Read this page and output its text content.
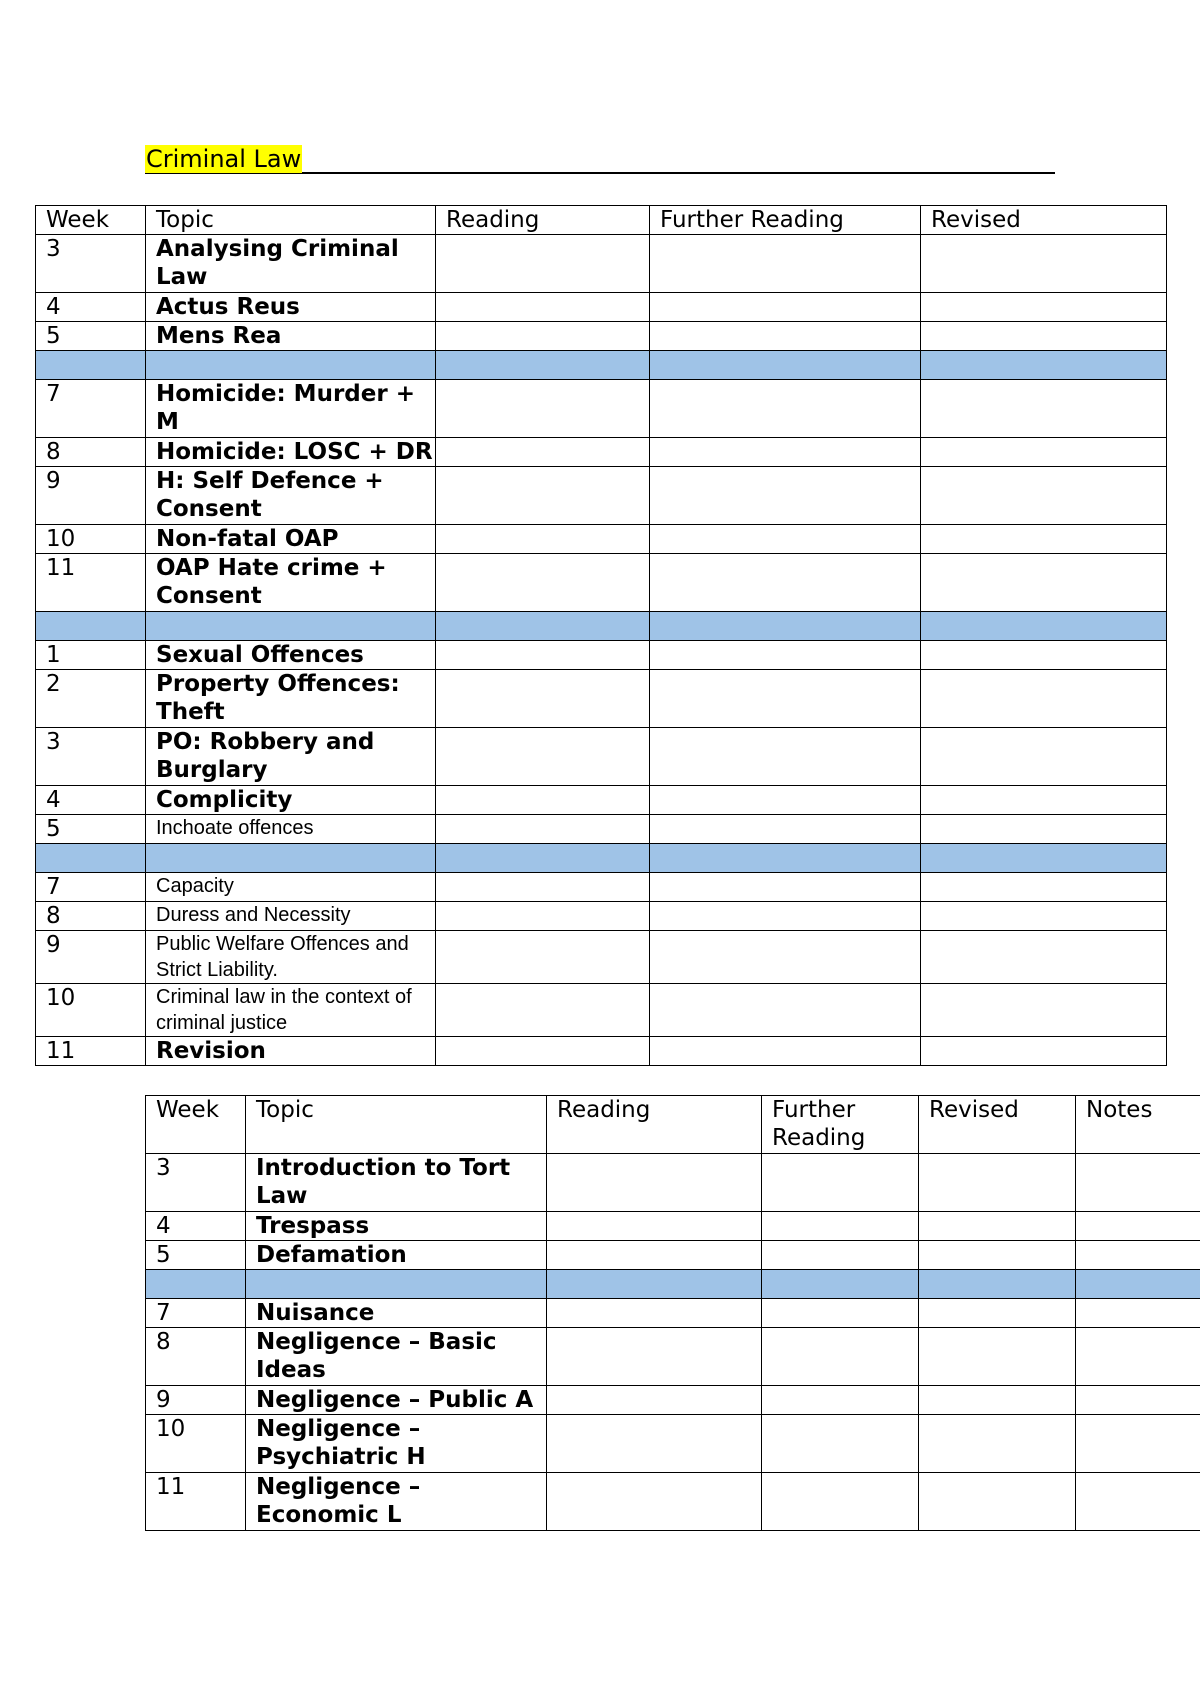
Criminal Law
Week	Topic	Reading	Further Reading	Revised
3	Analysing Criminal Law			
4	Actus Reus			
5	Mens Rea			

7	Homicide: Murder + M			
8	Homicide: LOSC + DR			
9	H: Self Defence + Consent			
10	Non-fatal OAP			
11	OAP Hate crime + Consent			

1	Sexual Offences			
2	Property Offences: Theft			
3	PO: Robbery and Burglary			
4	Complicity			
5	Inchoate offences			

7	Capacity			
8	Duress and Necessity			
9	Public Welfare Offences and Strict Liability.			
10	Criminal law in the context of criminal justice			
11	Revision			
Week	Topic	Reading	Further Reading	Revised	Notes
3	Introduction to Tort Law				
4	Trespass				
5	Defamation				

7	Nuisance				
8	Negligence – Basic Ideas				
9	Negligence – Public A				
10	Negligence – Psychiatric H				
11	Negligence – Economic L				
